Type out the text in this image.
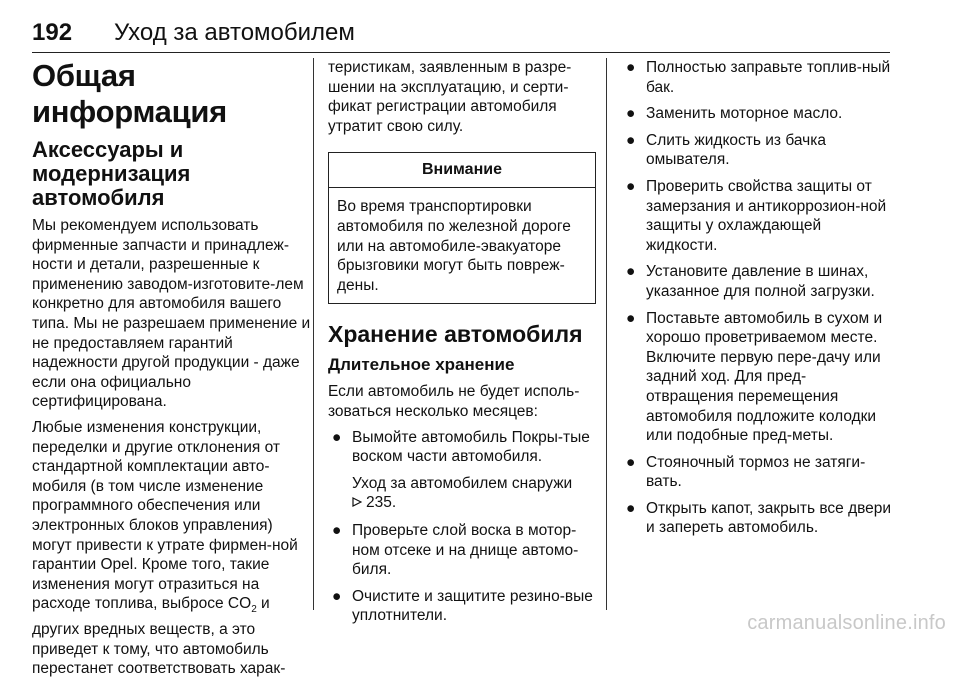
192	Уход за автомобилем
Общая информация
Аксессуары и модернизация автомобиля

Мы рекомендуем использовать фирменные запчасти и принадлеж-ности и детали, разрешенные к применению заводом-изготовите-лем конкретно для автомобиля вашего типа. Мы не разрешаем применение и не предоставляем гарантий надежности другой продукции - даже если она официально сертифицирована.

Любые изменения конструкции, переделки и другие отклонения от стандартной комплектации авто-мобиля (в том числе изменение программного обеспечения или электронных блоков управления) могут привести к утрате фирмен-ной гарантии Opel. Кроме того, такие изменения могут отразиться на расходе топлива, выбросе $CO_2$ и других вредных веществ, а это приведет к тому, что автомобиль перестанет соответствовать харак-

теристикам, заявленным в разре-шении на эксплуатацию, и серти-фикат регистрации автомобиля утратит свою силу.

Внимание
Во время транспортировки автомобиля по железной дороге или на автомобиле-эвакуаторе брызговики могут быть повреж-дены.
Хранение автомобиля
Длительное хранение

Если автомобиль не будет исполь-зоваться несколько месяцев:

● Вымойте автомобиль Покры-тые воском части автомобиля.
Уход за автомобилем снаружи
235.
● Проверьте слой воска в мотор-ном отсеке и на днище автомо-биля.
● Очистите и защитите резино-вые уплотнители.
● Полностью заправьте топлив-ный бак.
● Заменить моторное масло.
● Слить жидкость из бачка омывателя.
● Проверить свойства защиты от замерзания и антикоррозион-ной защиты у охлаждающей жидкости.
● Установите давление в шинах, указанное для полной загрузки.
● Поставьте автомобиль в сухом и хорошо проветриваемом месте. Включите первую пере-дачу или задний ход. Для пред-отвращения перемещения автомобиля подложите колодки или подобные пред-меты.
● Стояночный тормоз не затяги-вать.
● Открыть капот, закрыть все двери и запереть автомобиль.
carmanualsonline.info
